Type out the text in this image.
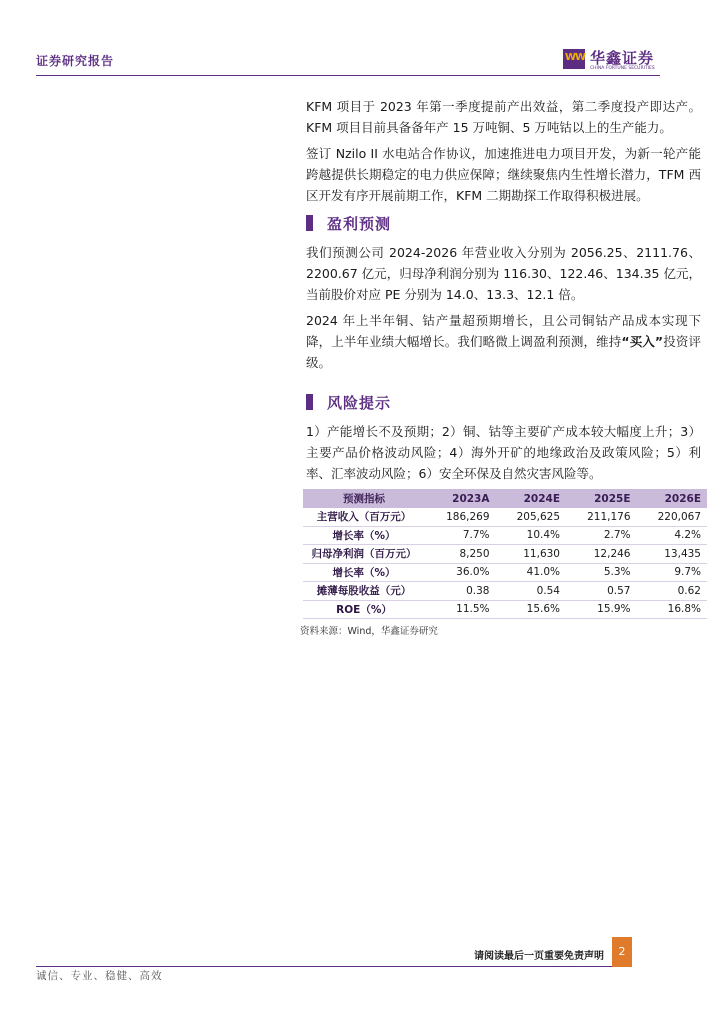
证券研究报告	WW 华鑫证券
CHINA FORTUNE SECURITIES

KFM 项目于 2023 年第一季度提前产出效益，第二季度投产即达产。KFM 项目目前具备备年产 15 万吨铜、5 万吨钴以上的生产能力。

签订 Nzilo II 水电站合作协议，加速推进电力项目开发，为新一轮产能跨越提供长期稳定的电力供应保障；继续聚焦内生性增长潜力，TFM 西区开发有序开展前期工作，KFM 二期勘探工作取得积极进展。

盈利预测

我们预测公司 2024-2026 年营业收入分别为 2056.25、2111.76、2200.67 亿元，归母净利润分别为 116.30、122.46、134.35 亿元，当前股价对应 PE 分别为 14.0、13.3、12.1 倍。

2024 年上半年铜、钴产量超预期增长，且公司铜钴产品成本实现下降，上半年业绩大幅增长。我们略微上调盈利预测，维持“买入”投资评级。

风险提示

1）产能增长不及预期；2）铜、钴等主要矿产成本较大幅度上升；3）主要产品价格波动风险；4）海外开矿的地缘政治及政策风险；5）利率、汇率波动风险；6）安全环保及自然灾害风险等。

预测指标	2023A	2024E	2025E	2026E
主营收入（百万元）	186,269	205,625	211,176	220,067
增长率（%）	7.7%	10.4%	2.7%	4.2%
归母净利润（百万元）	8,250	11,630	12,246	13,435
增长率（%）	36.0%	41.0%	5.3%	9.7%
摊薄每股收益（元）	0.38	0.54	0.57	0.62
ROE（%）	11.5%	15.6%	15.9%	16.8%
资料来源：Wind，华鑫证券研究
请阅读最后一页重要免责声明	2
诚信、专业、稳健、高效
